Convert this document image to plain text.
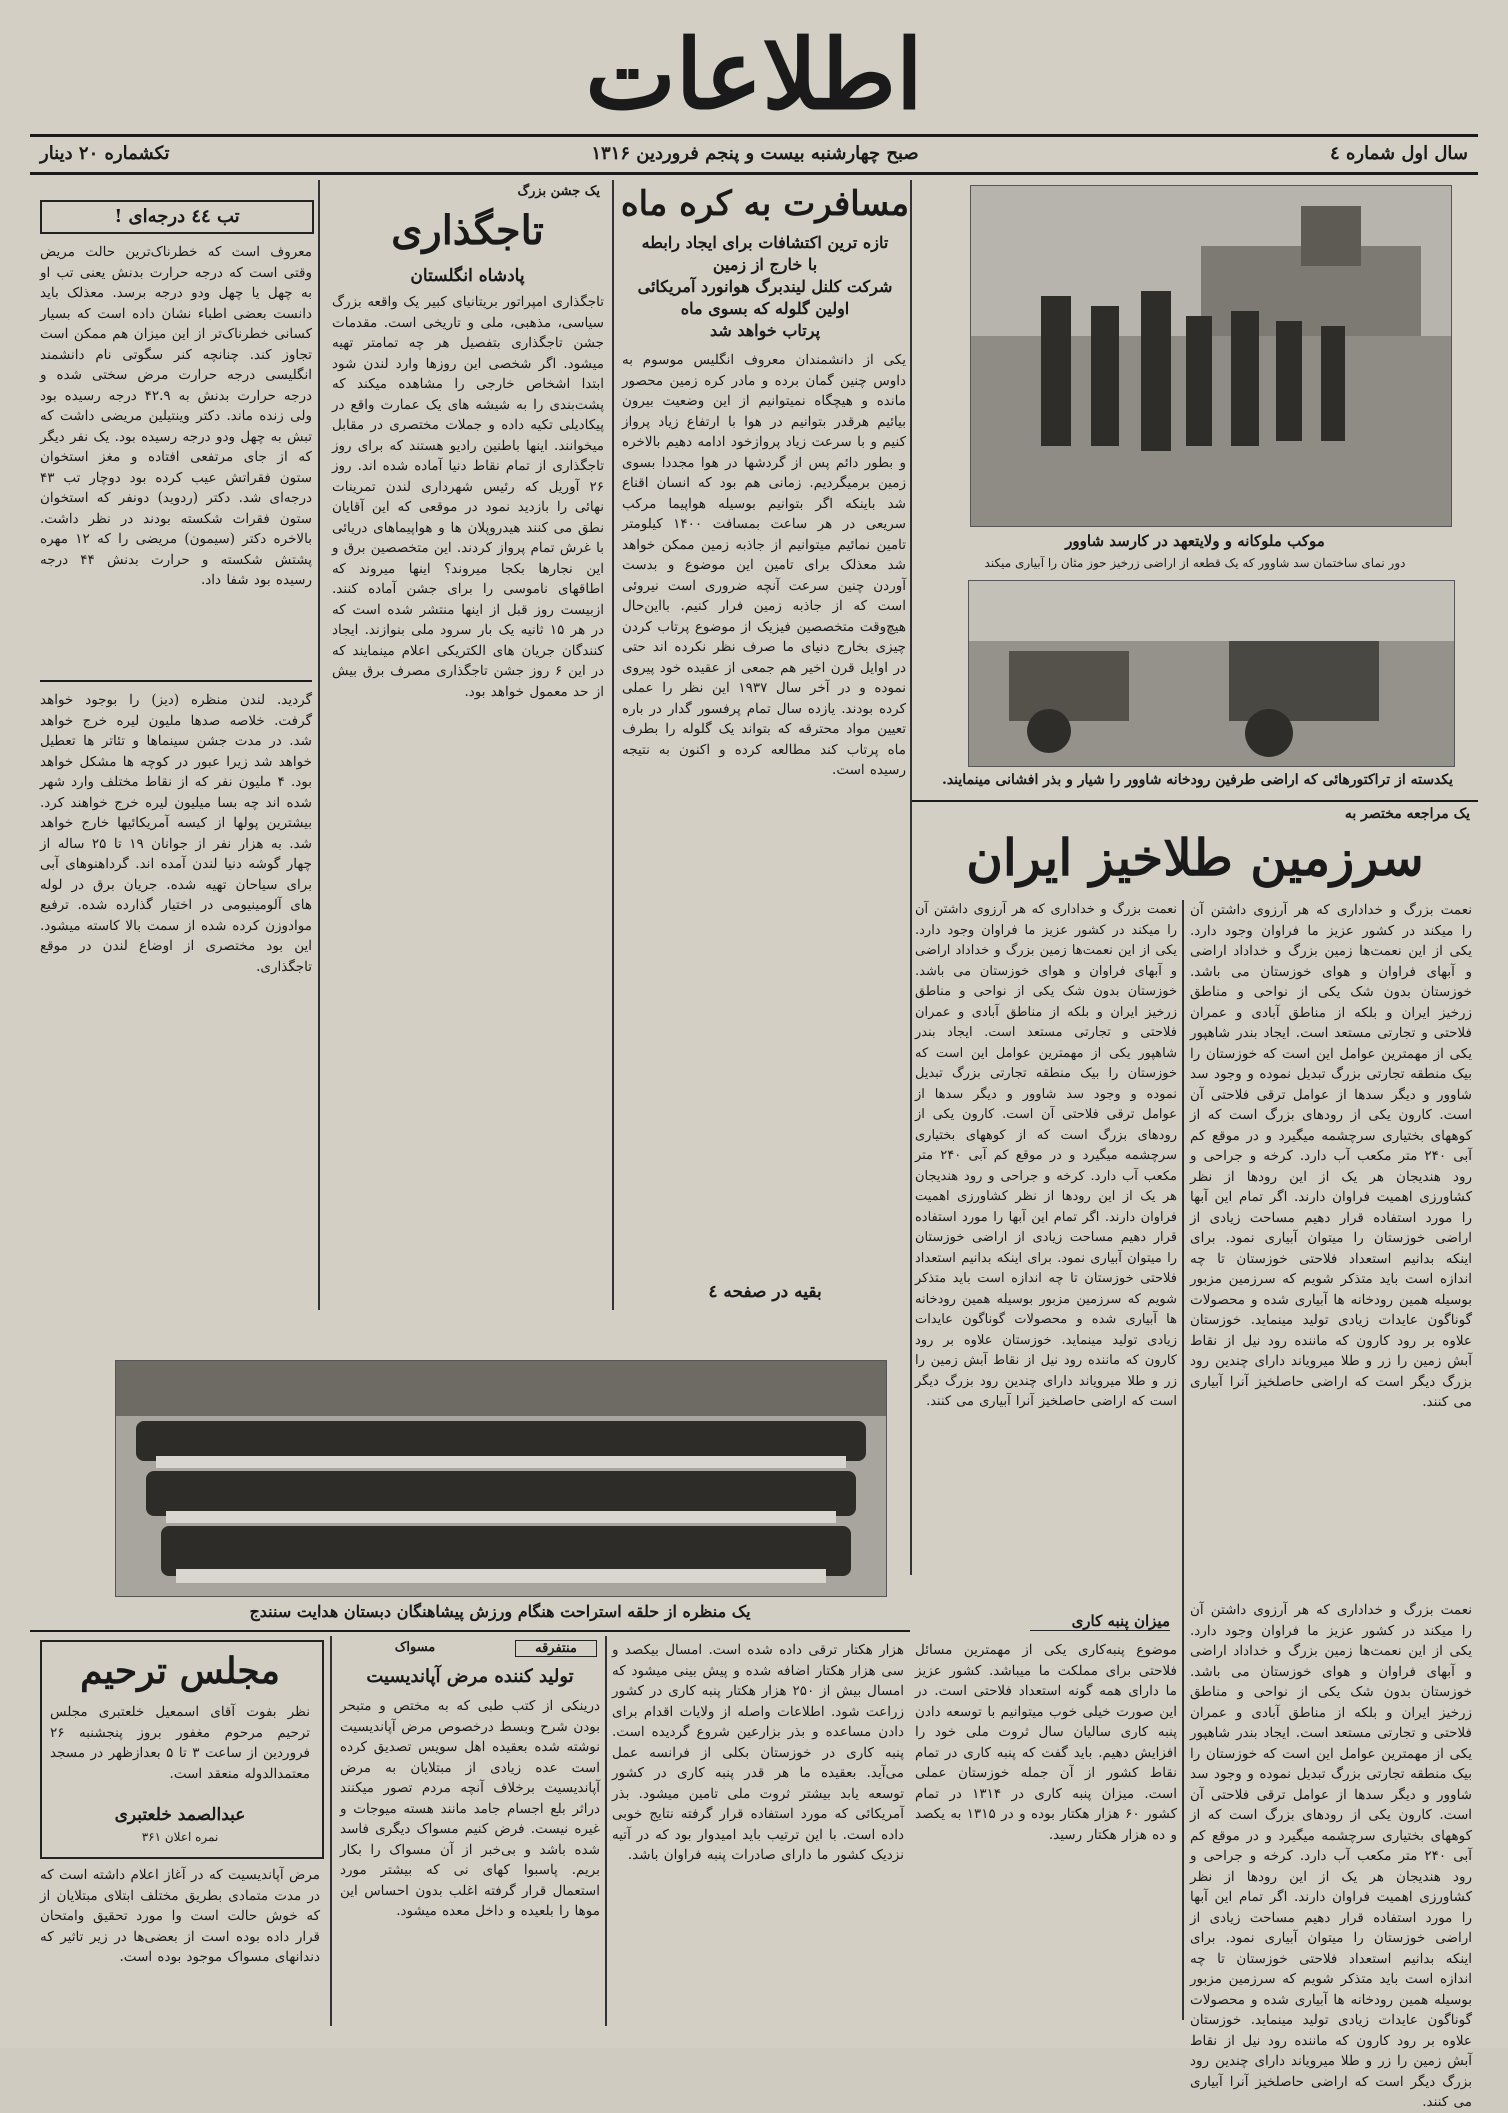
اطلاعات
سال اول شماره ٤
صبح چهارشنبه بیست و پنجم فروردین ۱۳۱۶
تکشماره ۲۰ دینار
موکب ملوکانه و ولایتعهد در کارسد شاوور
دور نمای ساختمان سد شاوور که یک قطعه از اراضی زرخیز حوز مثان را آبیاری میکند
یکدسته از تراکتورهائی که اراضی طرفین رودخانه شاوور را شیار و بذر افشانی مینمایند.
مسافرت به کره ماه
تازه ترین اکتشافات برای ایجاد رابطه
با خارج از زمین
شرکت کلنل لیندبرگ هوانورد آمریکائی
اولین گلوله که بسوی ماه
پرتاب خواهد شد
یکی از دانشمندان معروف انگلیس موسوم به داوس چنین گمان برده و مادر کره زمین محصور مانده و هیچگاه نمیتوانیم از این وضعیت بیرون بیائیم هرقدر بتوانیم در هوا با ارتفاع زیاد پرواز کنیم و با سرعت زیاد پروازخود ادامه دهیم بالاخره و بطور دائم پس از گردشها در هوا مجددا بسوی زمین برمیگردیم. زمانی هم بود که انسان اقناع شد باینکه اگر بتوانیم بوسیله هواپیما مرکب سریعی در هر ساعت بمسافت ۱۴۰۰ کیلومتر تامین نمائیم میتوانیم از جاذبه زمین ممکن خواهد شد معذلک برای تامین این موضوع و بدست آوردن چنین سرعت آنچه ضروری است نیروئی است که از جاذبه زمین فرار کنیم. بااین‌حال هیچ‌وقت متخصصین فیزیک از موضوع پرتاب کردن چیزی بخارج دنیای ما صرف نظر نکرده اند حتی در اوایل قرن اخیر هم جمعی از عقیده خود پیروی نموده و در آخر سال ۱۹۳۷ این نظر را عملی کرده بودند. یازده سال تمام پرفسور گدار در باره تعیین مواد محترقه که بتواند یک گلوله را بطرف ماه پرتاب کند مطالعه کرده و اکنون به نتیجه رسیده است.
بقیه در صفحه ٤
یک جشن بزرگ
تاجگذاری
پادشاه انگلستان
تاجگذاری امپراتور بریتانیای کبیر یک واقعه بزرگ سیاسی، مذهبی، ملی و تاریخی است. مقدمات جشن تاجگذاری بتفصیل هر چه تمامتر تهیه میشود. اگر شخصی این روزها وارد لندن شود ابتدا اشخاص خارجی را مشاهده میکند که پشت‌بندی را به شیشه های یک عمارت واقع در پیکادیلی تکیه داده و جملات مختصری در مقابل میخوانند. اینها باطنین رادیو هستند که برای روز تاجگذاری از تمام نقاط دنیا آماده شده اند. روز ۲۶ آوریل که رئیس شهرداری لندن تمرینات نهائی را بازدید نمود در موقعی که این آقایان نطق می کنند هیدروپلان ها و هواپیماهای دریائی با غرش تمام پرواز کردند. این متخصصین برق و این نجارها بکجا میروند؟ اینها میروند که اطاقهای ناموسی را برای جشن آماده کنند. ازبیست روز قبل از اینها منتشر شده است که در هر ۱۵ ثانیه یک بار سرود ملی بنوازند. ایجاد کنندگان جریان های الکتریکی اعلام مینمایند که در این ۶ روز جشن تاجگذاری مصرف برق بیش از حد معمول خواهد بود.
تب ٤٤ درجه‌ای !
معروف است که خطرناک‌ترین حالت مریض وقتی است که درجه حرارت بدنش یعنی تب او به چهل یا چهل ودو درجه برسد. معذلک باید دانست بعضی اطباء نشان داده است که بسیار کسانی خطرناک‌تر از این میزان هم ممکن است تجاوز کند. چنانچه کنر سگوتی نام دانشمند انگلیسی درجه حرارت مرض سختی شده و درجه حرارت بدنش به ۴۲.۹ درجه رسیده بود ولی زنده ماند. دکتر وینتیلین مریضی داشت که تبش به چهل ودو درجه رسیده بود. یک نفر دیگر که از جای مرتفعی افتاده و مغز استخوان ستون فقراتش عیب کرده بود دوچار تب ۴۳ درجه‌ای شد. دکتر (ردوید) دونفر که استخوان ستون فقرات شکسته بودند در نظر داشت. بالاخره دکتر (سیمون) مریضی را که ۱۲ مهره پشتش شکسته و حرارت بدنش ۴۴ درجه رسیده بود شفا داد.
گردید. لندن منظره (دیز) را بوجود خواهد گرفت. خلاصه صدها ملیون لیره خرج خواهد شد. در مدت جشن سینماها و تئاتر ها تعطیل خواهد شد زیرا عبور در کوچه ها مشکل خواهد بود. ۴ ملیون نفر که از نقاط مختلف وارد شهر شده اند چه بسا میلیون لیره خرج خواهند کرد. بیشترین پولها از کیسه آمریکائیها خارج خواهد شد. به هزار نفر از جوانان ۱۹ تا ۲۵ ساله از چهار گوشه دنیا لندن آمده اند. گرداهنوهای آبی برای سیاحان تهیه شده. جریان برق در لوله های آلومینیومی در اختیار گذارده شده. ترفیع موادوزن کرده شده از سمت بالا کاسته میشود. این بود مختصری از اوضاع لندن در موقع تاجگذاری.
یک مراجعه مختصر به
سرزمین طلاخیز ایران
نعمت بزرگ و خداداری که هر آرزوی داشتن آن را میکند در کشور عزیز ما فراوان وجود دارد. یکی از این نعمت‌ها زمین بزرگ و خداداد اراضی و آبهای فراوان و هوای خوزستان می باشد. خوزستان بدون شک یکی از نواحی و مناطق زرخیز ایران و بلکه از مناطق آبادی و عمران فلاحتی و تجارتی مستعد است. ایجاد بندر شاهپور یکی از مهمترین عوامل این است که خوزستان را بیک منطقه تجارتی بزرگ تبدیل نموده و وجود سد شاوور و دیگر سدها از عوامل ترقی فلاحتی آن است. کارون یکی از رودهای بزرگ است که از کوههای بختیاری سرچشمه میگیرد و در موقع کم آبی ۲۴۰ متر مکعب آب دارد. کرخه و جراحی و رود هندیجان هر یک از این رودها از نظر کشاورزی اهمیت فراوان دارند. اگر تمام این آبها را مورد استفاده قرار دهیم مساحت زیادی از اراضی خوزستان را میتوان آبیاری نمود. برای اینکه بدانیم استعداد فلاحتی خوزستان تا چه اندازه است باید متذکر شویم که سرزمین مزبور بوسیله همین رودخانه ها آبیاری شده و محصولات گوناگون عایدات زیادی تولید مینماید. خوزستان علاوه بر رود کارون که ماننده رود نیل از نقاط آبش زمین را زر و طلا میرویاند دارای چندین رود بزرگ دیگر است که اراضی حاصلخیز آنرا آبیاری می کنند.
نعمت بزرگ و خداداری که هر آرزوی داشتن آن را میکند در کشور عزیز ما فراوان وجود دارد. یکی از این نعمت‌ها زمین بزرگ و خداداد اراضی و آبهای فراوان و هوای خوزستان می باشد. خوزستان بدون شک یکی از نواحی و مناطق زرخیز ایران و بلکه از مناطق آبادی و عمران فلاحتی و تجارتی مستعد است. ایجاد بندر شاهپور یکی از مهمترین عوامل این است که خوزستان را بیک منطقه تجارتی بزرگ تبدیل نموده و وجود سد شاوور و دیگر سدها از عوامل ترقی فلاحتی آن است. کارون یکی از رودهای بزرگ است که از کوههای بختیاری سرچشمه میگیرد و در موقع کم آبی ۲۴۰ متر مکعب آب دارد. کرخه و جراحی و رود هندیجان هر یک از این رودها از نظر کشاورزی اهمیت فراوان دارند. اگر تمام این آبها را مورد استفاده قرار دهیم مساحت زیادی از اراضی خوزستان را میتوان آبیاری نمود. برای اینکه بدانیم استعداد فلاحتی خوزستان تا چه اندازه است باید متذکر شویم که سرزمین مزبور بوسیله همین رودخانه ها آبیاری شده و محصولات گوناگون عایدات زیادی تولید مینماید. خوزستان علاوه بر رود کارون که ماننده رود نیل از نقاط آبش زمین را زر و طلا میرویاند دارای چندین رود بزرگ دیگر است که اراضی حاصلخیز آنرا آبیاری می کنند.
میزان پنبه کاری
موضوع پنبه‌کاری یکی از مهمترین مسائل فلاحتی برای مملکت ما میباشد. کشور عزیز ما دارای همه گونه استعداد فلاحتی است. در این صورت خیلی خوب میتوانیم با توسعه دادن پنبه کاری سالیان سال ثروت ملی خود را افزایش دهیم. باید گفت که پنبه کاری در تمام نقاط کشور از آن جمله خوزستان عملی است. میزان پنبه کاری در ۱۳۱۴ در تمام کشور ۶۰ هزار هکتار بوده و در ۱۳۱۵ به یکصد و ده هزار هکتار رسید.
نعمت بزرگ و خداداری که هر آرزوی داشتن آن را میکند در کشور عزیز ما فراوان وجود دارد. یکی از این نعمت‌ها زمین بزرگ و خداداد اراضی و آبهای فراوان و هوای خوزستان می باشد. خوزستان بدون شک یکی از نواحی و مناطق زرخیز ایران و بلکه از مناطق آبادی و عمران فلاحتی و تجارتی مستعد است. ایجاد بندر شاهپور یکی از مهمترین عوامل این است که خوزستان را بیک منطقه تجارتی بزرگ تبدیل نموده و وجود سد شاوور و دیگر سدها از عوامل ترقی فلاحتی آن است. کارون یکی از رودهای بزرگ است که از کوههای بختیاری سرچشمه میگیرد و در موقع کم آبی ۲۴۰ متر مکعب آب دارد. کرخه و جراحی و رود هندیجان هر یک از این رودها از نظر کشاورزی اهمیت فراوان دارند. اگر تمام این آبها را مورد استفاده قرار دهیم مساحت زیادی از اراضی خوزستان را میتوان آبیاری نمود. برای اینکه بدانیم استعداد فلاحتی خوزستان تا چه اندازه است باید متذکر شویم که سرزمین مزبور بوسیله همین رودخانه ها آبیاری شده و محصولات گوناگون عایدات زیادی تولید مینماید. خوزستان علاوه بر رود کارون که ماننده رود نیل از نقاط آبش زمین را زر و طلا میرویاند دارای چندین رود بزرگ دیگر است که اراضی حاصلخیز آنرا آبیاری می کنند.
یک منظره از حلقه استراحت هنگام ورزش پیشاهنگان دبستان هدایت سنندج
هزار هکتار ترقی داده شده است. امسال بیکصد و سی هزار هکتار اضافه شده و پیش بینی میشود که امسال بیش از ۲۵۰ هزار هکتار پنبه کاری در کشور زراعت شود. اطلاعات واصله از ولایات اقدام برای دادن مساعده و بذر بزارعین شروع گردیده است. پنبه کاری در خوزستان بکلی از فرانسه عمل می‌آید. بعقیده ما هر قدر پنبه کاری در کشور توسعه یابد بیشتر ثروت ملی تامین میشود. بذر آمریکائی که مورد استفاده قرار گرفته نتایج خوبی داده است. با این ترتیب باید امیدوار بود که در آتیه نزدیک کشور ما دارای صادرات پنبه فراوان باشد.
منتفرقه
مسواک
تولید کننده مرض آپاندیسیت
درینکی از کتب طبی که به مختص و متبحر بودن شرح وبسط درخصوص مرض آپاندیسیت نوشته شده بعقیده اهل سویس تصدیق کرده است عده زیادی از مبتلایان به مرض آپاندیسیت برخلاف آنچه مردم تصور میکنند دراثر بلع اجسام جامد مانند هسته میوجات و غیره نیست. فرض کنیم مسواک دیگری فاسد شده باشد و بی‌خبر از آن مسواک را بکار بریم. پاسبوا کهای نی که بیشتر مورد استعمال قرار گرفته اغلب بدون احساس این موها را بلعیده و داخل معده میشود.
مجلس ترحیم
نظر بفوت آقای اسمعیل خلعتبری مجلس ترحیم مرحوم مغفور بروز پنجشنبه ۲۶ فروردین از ساعت ۳ تا ۵ بعدازظهر در مسجد معتمدالدوله منعقد است.
عبدالصمد خلعتبری
نمره اعلان ۳۶۱
مرض آپاندیسیت که در آغاز اعلام داشته است که در مدت متمادی بطریق مختلف ابتلای مبتلایان از که خوش حالت است وا مورد تحقیق وامتحان قرار داده بوده است از بعضی‌ها در زیر تاثیر که دندانهای مسواک موجود بوده است.
